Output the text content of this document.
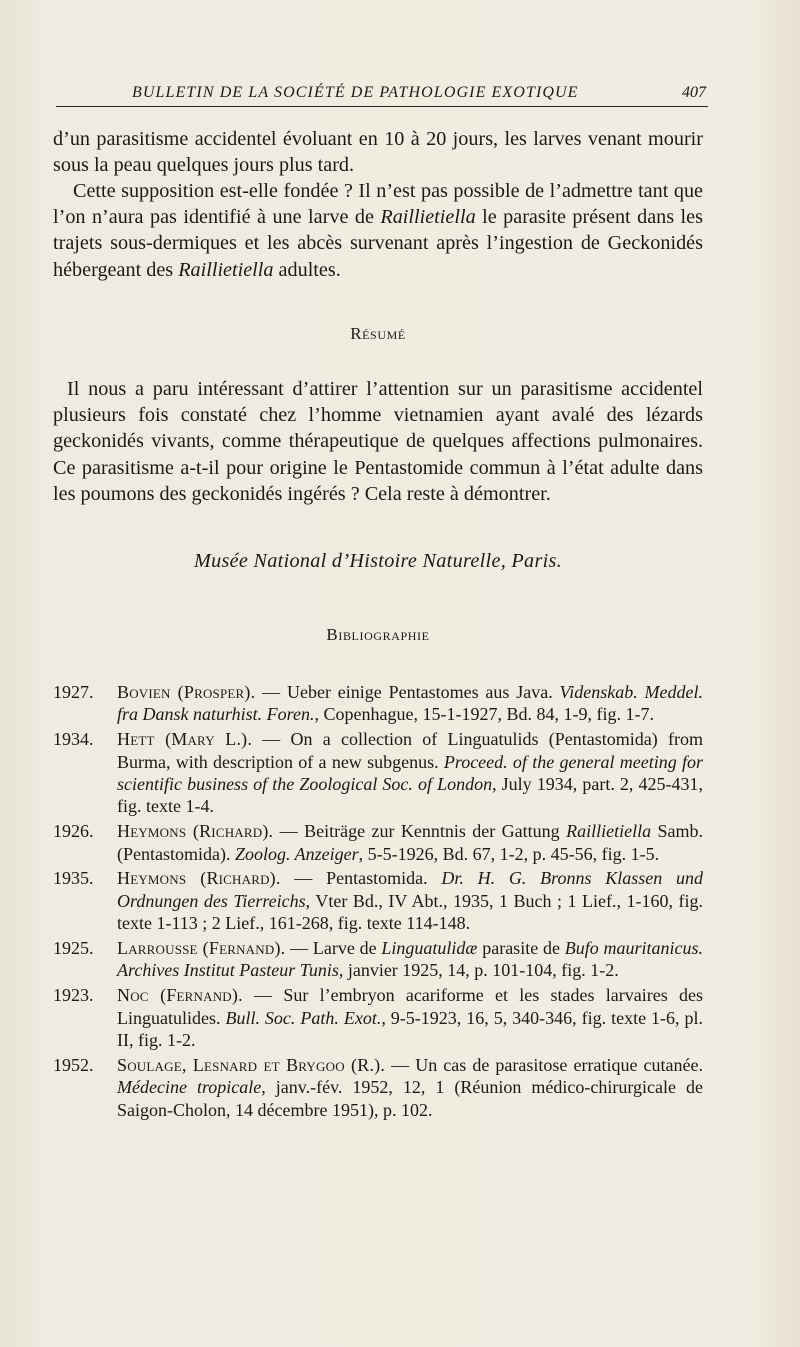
BULLETIN DE LA SOCIÉTÉ DE PATHOLOGIE EXOTIQUE	407

d’un parasitisme accidentel évoluant en 10 à 20 jours, les larves venant mourir sous la peau quelques jours plus tard.

Cette supposition est-elle fondée ? Il n’est pas possible de l’admettre tant que l’on n’aura pas identifié à une larve de Raillietiella le parasite présent dans les trajets sous-dermiques et les abcès survenant après l’ingestion de Geckonidés hébergeant des Raillietiella adultes.

Résumé

Il nous a paru intéressant d’attirer l’attention sur un parasitisme accidentel plusieurs fois constaté chez l’homme vietnamien ayant avalé des lézards geckonidés vivants, comme thérapeutique de quelques affections pulmonaires. Ce parasitisme a-t-il pour origine le Pentastomide commun à l’état adulte dans les poumons des geckonidés ingérés ? Cela reste à démontrer.

Musée National d’Histoire Naturelle, Paris.
Bibliographie
1927.	Bovien (Prosper). — Ueber einige Pentastomes aus Java. Videnskab. Meddel. fra Dansk naturhist. Foren., Copenhague, 15-1-1927, Bd. 84, 1-9, fig. 1-7.
1934.	Hett (Mary L.). — On a collection of Linguatulids (Pentastomida) from Burma, with description of a new subgenus. Proceed. of the general meeting for scientific business of the Zoological Soc. of London, July 1934, part. 2, 425-431, fig. texte 1-4.
1926.	Heymons (Richard). — Beiträge zur Kenntnis der Gattung Raillietiella Samb. (Pentastomida). Zoolog. Anzeiger, 5-5-1926, Bd. 67, 1-2, p. 45-56, fig. 1-5.
1935.	Heymons (Richard). — Pentastomida. Dr. H. G. Bronns Klassen und Ordnungen des Tierreichs, Vter Bd., IV Abt., 1935, 1 Buch ; 1 Lief., 1-160, fig. texte 1-113 ; 2 Lief., 161-268, fig. texte 114-148.
1925.	Larrousse (Fernand). — Larve de Linguatulidæ parasite de Bufo mauritanicus. Archives Institut Pasteur Tunis, janvier 1925, 14, p. 101-104, fig. 1-2.
1923.	Noc (Fernand). — Sur l’embryon acariforme et les stades larvaires des Linguatulides. Bull. Soc. Path. Exot., 9-5-1923, 16, 5, 340-346, fig. texte 1-6, pl. II, fig. 1-2.
1952.	Soulage, Lesnard et Brygoo (R.). — Un cas de parasitose erratique cutanée. Médecine tropicale, janv.-fév. 1952, 12, 1 (Réunion médico-chirurgicale de Saigon-Cholon, 14 décembre 1951), p. 102.
